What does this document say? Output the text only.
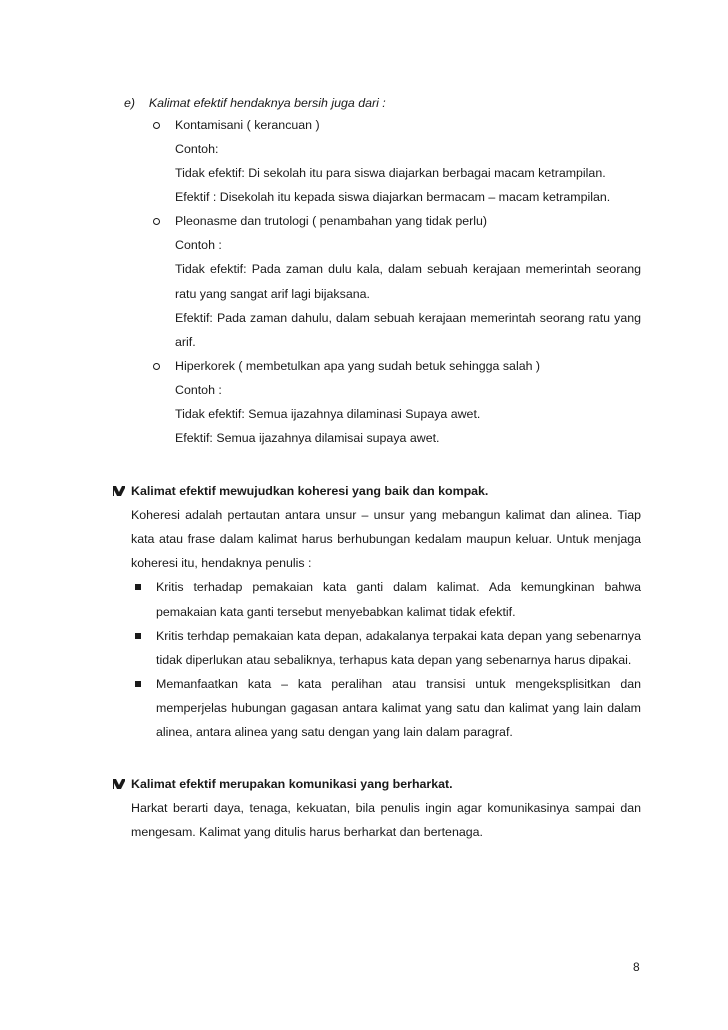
e) Kalimat efektif hendaknya bersih juga dari :
Kontamisani ( kerancuan )
Contoh:
Tidak efektif: Di sekolah itu para siswa diajarkan berbagai macam ketrampilan.
Efektif : Disekolah itu kepada siswa diajarkan bermacam – macam ketrampilan.
Pleonasme dan trutologi ( penambahan yang tidak perlu)
Contoh :
Tidak efektif: Pada zaman dulu kala, dalam sebuah kerajaan memerintah seorang
ratu yang sangat arif lagi bijaksana.
Efektif: Pada zaman dahulu, dalam sebuah kerajaan memerintah seorang ratu yang
arif.
Hiperkorek ( membetulkan apa yang sudah betuk sehingga salah )
Contoh :
Tidak efektif: Semua ijazahnya dilaminasi Supaya awet.
Efektif: Semua ijazahnya dilamisai supaya awet.
Kalimat efektif mewujudkan koheresi yang baik dan kompak.
Koheresi adalah pertautan antara unsur – unsur yang mebangun kalimat dan alinea. Tiap
kata atau frase dalam kalimat harus berhubungan kedalam maupun keluar. Untuk menjaga
koheresi itu, hendaknya penulis :
Kritis terhadap pemakaian kata ganti dalam kalimat. Ada kemungkinan bahwa
pemakaian kata ganti tersebut menyebabkan kalimat tidak efektif.
Kritis terhdap pemakaian kata depan, adakalanya terpakai kata depan yang sebenarnya
tidak diperlukan atau sebaliknya, terhapus kata depan yang sebenarnya harus dipakai.
Memanfaatkan kata – kata peralihan atau transisi untuk mengeksplisitkan dan
memperjelas hubungan gagasan antara kalimat yang satu dan kalimat yang lain dalam
alinea, antara alinea yang satu dengan yang lain dalam paragraf.
Kalimat efektif merupakan komunikasi yang berharkat.
Harkat berarti daya, tenaga, kekuatan, bila penulis ingin agar komunikasinya sampai dan
mengesam. Kalimat yang ditulis harus berharkat dan bertenaga.
8
